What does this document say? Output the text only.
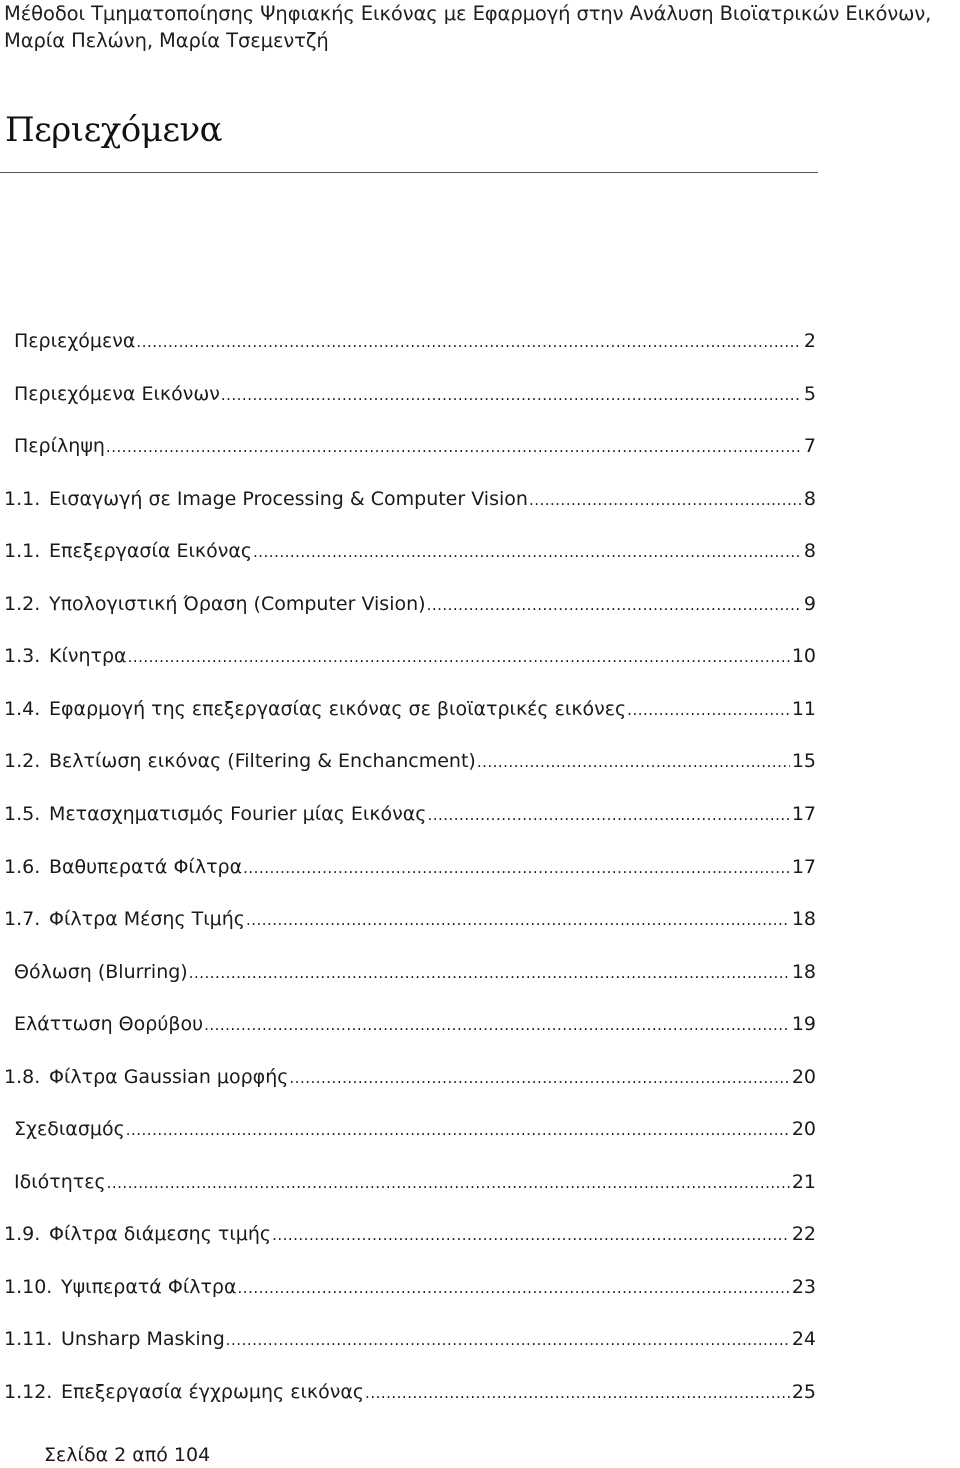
Μέθοδοι Τμηματοποίησης Ψηφιακής Εικόνας με Εφαρμογή στην Ανάλυση Βιοϊατρικών Εικόνων,
Μαρία Πελώνη, Μαρία Τσεμεντζή
Περιεχόμενα
Περιεχόμενα .....	2
Περιεχόμενα Εικόνων .....	5
Περίληψη .....	7
1.1. Εισαγωγή σε Image Processing & Computer Vision .....	8
1.1. Επεξεργασία Εικόνας .....	8
1.2. Υπολογιστική Όραση (Computer Vision) .....	9
1.3. Κίνητρα .....	10
1.4. Εφαρμογή της επεξεργασίας εικόνας σε βιοϊατρικές εικόνες .....	11
1.2. Βελτίωση εικόνας (Filtering & Enchancment) .....	15
1.5. Μετασχηματισμός Fourier μίας Εικόνας .....	17
1.6. Βαθυπερατά Φίλτρα .....	17
1.7. Φίλτρα Μέσης Τιμής .....	18
Θόλωση (Blurring) .....	18
Ελάττωση Θορύβου .....	19
1.8. Φίλτρα Gaussian μορφής .....	20
Σχεδιασμός .....	20
Ιδιότητες .....	21
1.9. Φίλτρα διάμεσης τιμής .....	22
1.10. Υψιπερατά Φίλτρα .....	23
1.11. Unsharp Masking .....	24
1.12. Επεξεργασία έγχρωμης εικόνας .....	25
Σελίδα 2 από 104
